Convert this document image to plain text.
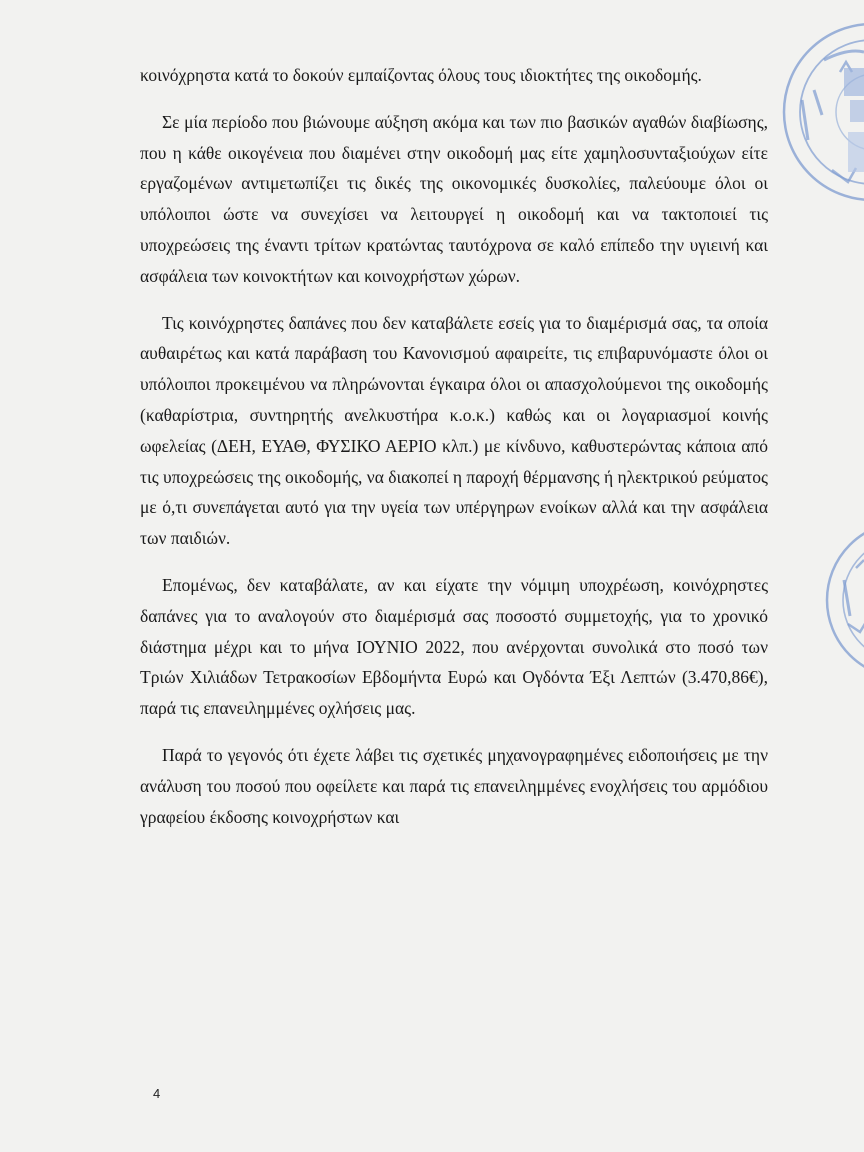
κοινόχρηστα κατά το δοκούν εμπαίζοντας όλους τους ιδιοκτήτες της οικοδομής.

Σε μία περίοδο που βιώνουμε αύξηση ακόμα και των πιο βασικών αγαθών διαβίωσης, που η κάθε οικογένεια που διαμένει στην οικοδομή μας είτε χαμηλοσυνταξιούχων είτε εργαζομένων αντιμετωπίζει τις δικές της οικονομικές δυσκολίες, παλεύουμε όλοι οι υπόλοιποι ώστε να συνεχίσει να λειτουργεί η οικοδομή και να τακτοποιεί τις υποχρεώσεις της έναντι τρίτων κρατώντας ταυτόχρονα σε καλό επίπεδο την υγιεινή και ασφάλεια των κοινοκτήτων και κοινοχρήστων χώρων.

Τις κοινόχρηστες δαπάνες που δεν καταβάλετε εσείς για το διαμέρισμά σας, τα οποία αυθαιρέτως και κατά παράβαση του Κανονισμού αφαιρείτε, τις επιβαρυνόμαστε όλοι οι υπόλοιποι προκειμένου να πληρώνονται έγκαιρα όλοι οι απασχολούμενοι της οικοδομής (καθαρίστρια, συντηρητής ανελκυστήρα κ.ο.κ.) καθώς και οι λογαριασμοί κοινής ωφελείας (ΔΕΗ, ΕΥΑΘ, ΦΥΣΙΚΟ ΑΕΡΙΟ κλπ.) με κίνδυνο, καθυστερώντας κάποια από τις υποχρεώσεις της οικοδομής, να διακοπεί η παροχή θέρμανσης ή ηλεκτρικού ρεύματος με ό,τι συνεπάγεται αυτό για την υγεία των υπέργηρων ενοίκων αλλά και την ασφάλεια των παιδιών.

Επομένως, δεν καταβάλατε, αν και είχατε την νόμιμη υποχρέωση, κοινόχρηστες δαπάνες για το αναλογούν στο διαμέρισμά σας ποσοστό συμμετοχής, για το χρονικό διάστημα μέχρι και το μήνα ΙΟΥΝΙΟ 2022, που ανέρχονται συνολικά στο ποσό των Τριών Χιλιάδων Τετρακοσίων Εβδομήντα Ευρώ και Ογδόντα Έξι Λεπτών (3.470,86€), παρά τις επανειλημμένες οχλήσεις μας.

Παρά το γεγονός ότι έχετε λάβει τις σχετικές μηχανογραφημένες ειδοποιήσεις με την ανάλυση του ποσού που οφείλετε και παρά τις επανειλημμένες ενοχλήσεις του αρμόδιου γραφείου έκδοσης κοινοχρήστων και

4
